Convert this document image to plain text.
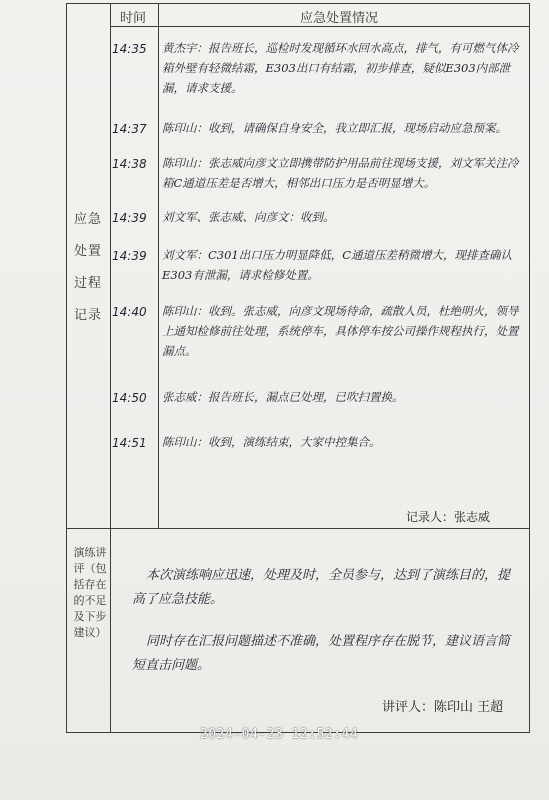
时间	应急处置情况
应急
处置
过程
记录
14:35 黄杰宇：报告班长，巡检时发现循环水回水高点，排气，有可燃气体冷箱外壁有轻微结霜，E303出口有结霜，初步排查，疑似E303内部泄漏，请求支援。
14:37 陈印山：收到，请确保自身安全，我立即汇报，现场启动应急预案。
14:38 陈印山：张志威向彦文立即携带防护用品前往现场支援，刘文军关注冷箱C通道压差是否增大，相邻出口压力是否明显增大。
14:39 刘文军、张志威、向彦文：收到。
14:39 刘文军：C301出口压力明显降低，C通道压差稍微增大，现排查确认E303有泄漏，请求检修处置。
14:40 陈印山：收到。张志威，向彦文现场待命，疏散人员，杜绝明火，领导上通知检修前往处理，系统停车，具体停车按公司操作规程执行，处置漏点。
14:50 张志威：报告班长，漏点已处理，已吹扫置换。
14:51 陈印山：收到，演练结束，大家中控集合。
记录人：张志威
演练讲评（包括存在的不足及下步建议）
本次演练响应迅速，处理及时，全员参与，达到了演练目的，提高了应急技能。
同时存在汇报问题描述不准确，处置程序存在脱节，建议语言简短直击问题。
讲评人：陈印山 王超
2024-04-23 12:52:44
